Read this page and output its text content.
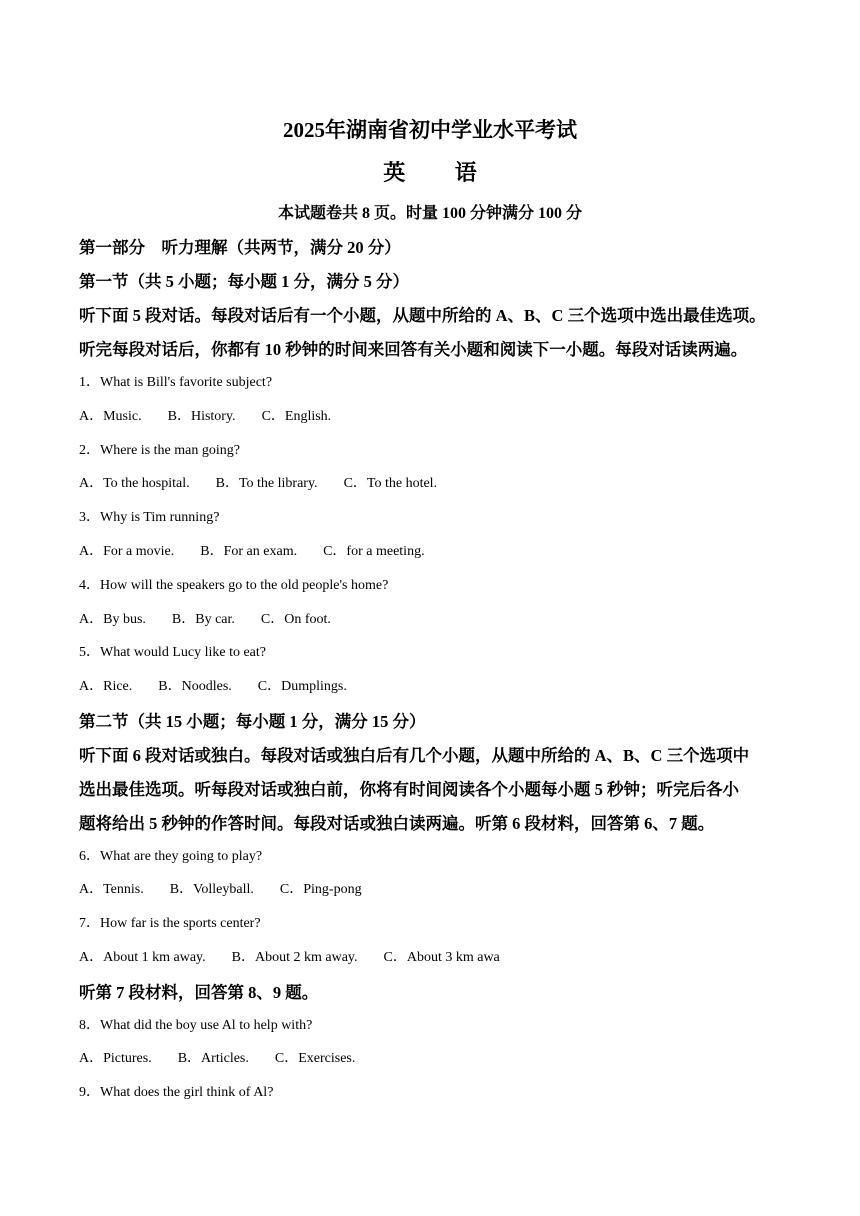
2025年湖南省初中学业水平考试
英 语
本试题卷共 8 页。时量 100 分钟满分 100 分
第一部分　听力理解（共两节，满分 20 分）
第一节（共 5 小题；每小题 1 分，满分 5 分）
听下面 5 段对话。每段对话后有一个小题，从题中所给的 A、B、C 三个选项中选出最佳选项。
听完每段对话后，你都有 10 秒钟的时间来回答有关小题和阅读下一小题。每段对话读两遍。
1．What is Bill's favorite subject?
A．Music. B．History. C．English.
2．Where is the man going?
A．To the hospital. B．To the library. C．To the hotel.
3．Why is Tim running?
A．For a movie. B．For an exam. C．for a meeting.
4．How will the speakers go to the old people's home?
A．By bus. B．By car. C．On foot.
5．What would Lucy like to eat?
A．Rice. B．Noodles. C．Dumplings.
第二节（共 15 小题；每小题 1 分，满分 15 分）
听下面 6 段对话或独白。每段对话或独白后有几个小题，从题中所给的 A、B、C 三个选项中
选出最佳选项。听每段对话或独白前，你将有时间阅读各个小题每小题 5 秒钟；听完后各小
题将给出 5 秒钟的作答时间。每段对话或独白读两遍。听第 6 段材料，回答第 6、7 题。
6．What are they going to play?
A．Tennis. B．Volleyball. C．Ping-pong
7．How far is the sports center?
A．About 1 km away. B．About 2 km away. C．About 3 km awa
听第 7 段材料，回答第 8、9 题。
8．What did the boy use Al to help with?
A．Pictures. B．Articles. C．Exercises.
9．What does the girl think of Al?
